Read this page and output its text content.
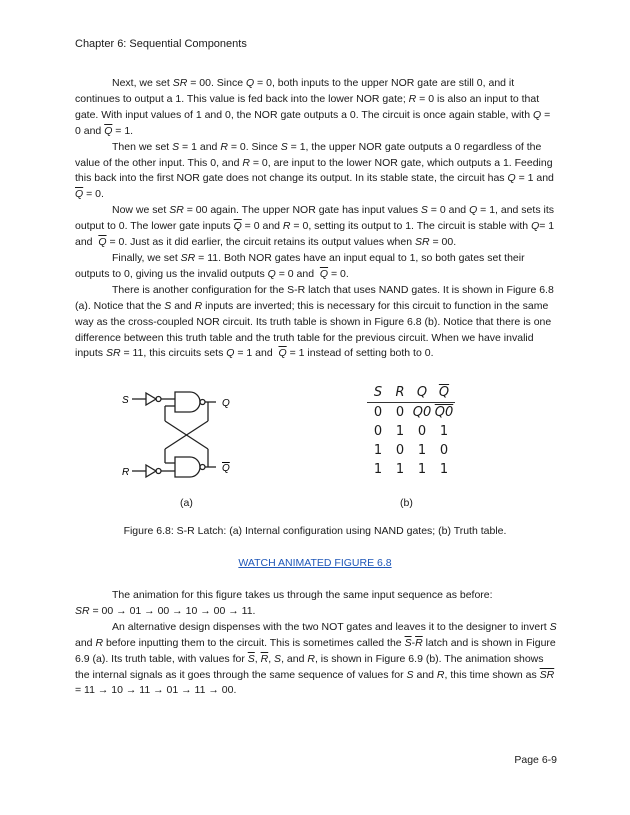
Chapter 6: Sequential Components

Next, we set SR = 00. Since Q = 0, both inputs to the upper NOR gate are still 0, and it continues to output a 1. This value is fed back into the lower NOR gate; R = 0 is also an input to that gate. With input values of 1 and 0, the NOR gate outputs a 0. The circuit is once again stable, with Q = 0 and $\overline{Q} = 1$.

Then we set S = 1 and R = 0. Since S = 1, the upper NOR gate outputs a 0 regardless of the value of the other input. This 0, and R = 0, are input to the lower NOR gate, which outputs a 1. Feeding this back into the first NOR gate does not change its output. In its stable state, the circuit has Q = 1 and $\overline{Q} = 0$.

Now we set SR = 00 again. The upper NOR gate has input values S = 0 and Q = 1, and sets its output to 0. The lower gate inputs $\overline{Q} = 0$ and R = 0, setting its output to 1. The circuit is stable with Q= 1 and  $\overline{Q} = 0$. Just as it did earlier, the circuit retains its output values when SR = 00.

Finally, we set SR = 11. Both NOR gates have an input equal to 1, so both gates set their outputs to 0, giving us the invalid outputs Q = 0 and  $\overline{Q} = 0$.

There is another configuration for the S-R latch that uses NAND gates. It is shown in Figure 6.8 (a). Notice that the S and R inputs are inverted; this is necessary for this circuit to function in the same way as the cross-coupled NOR circuit. Its truth table is shown in Figure 6.8 (b). Notice that there is one difference between this truth table and the truth table for the previous circuit. When we have invalid inputs SR = 11, this circuits sets Q = 1 and  $\overline{Q} = 1$ instead of setting both to 0.

S
R
Q
Q
S	R	Q	$\overline{Q}$
0	0	Q0	Q0
0	1	0	1
1	0	1	0
1	1	1	1
(a)	(b)
Figure 6.8: S-R Latch: (a) Internal configuration using NAND gates; (b) Truth table.
WATCH ANIMATED FIGURE 6.8

The animation for this figure takes us through the same input sequence as before:
SR = 00 → 01 → 00 → 10 → 00 → 11.

An alternative design dispenses with the two NOT gates and leaves it to the designer to invert S and R before inputting them to the circuit. This is sometimes called the $\overline{S}-\overline{R}$ latch and is shown in Figure 6.9 (a). Its truth table, with values for $\overline{S}$, $\overline{R}$, S, and R, is shown in Figure 6.9 (b). The animation shows the internal signals as it goes through the same sequence of values for S and R, this time shown as $\overline{SR} = 11 \to 10 \to 11 \to 01 \to 11 \to 00$.

Page 6-9
